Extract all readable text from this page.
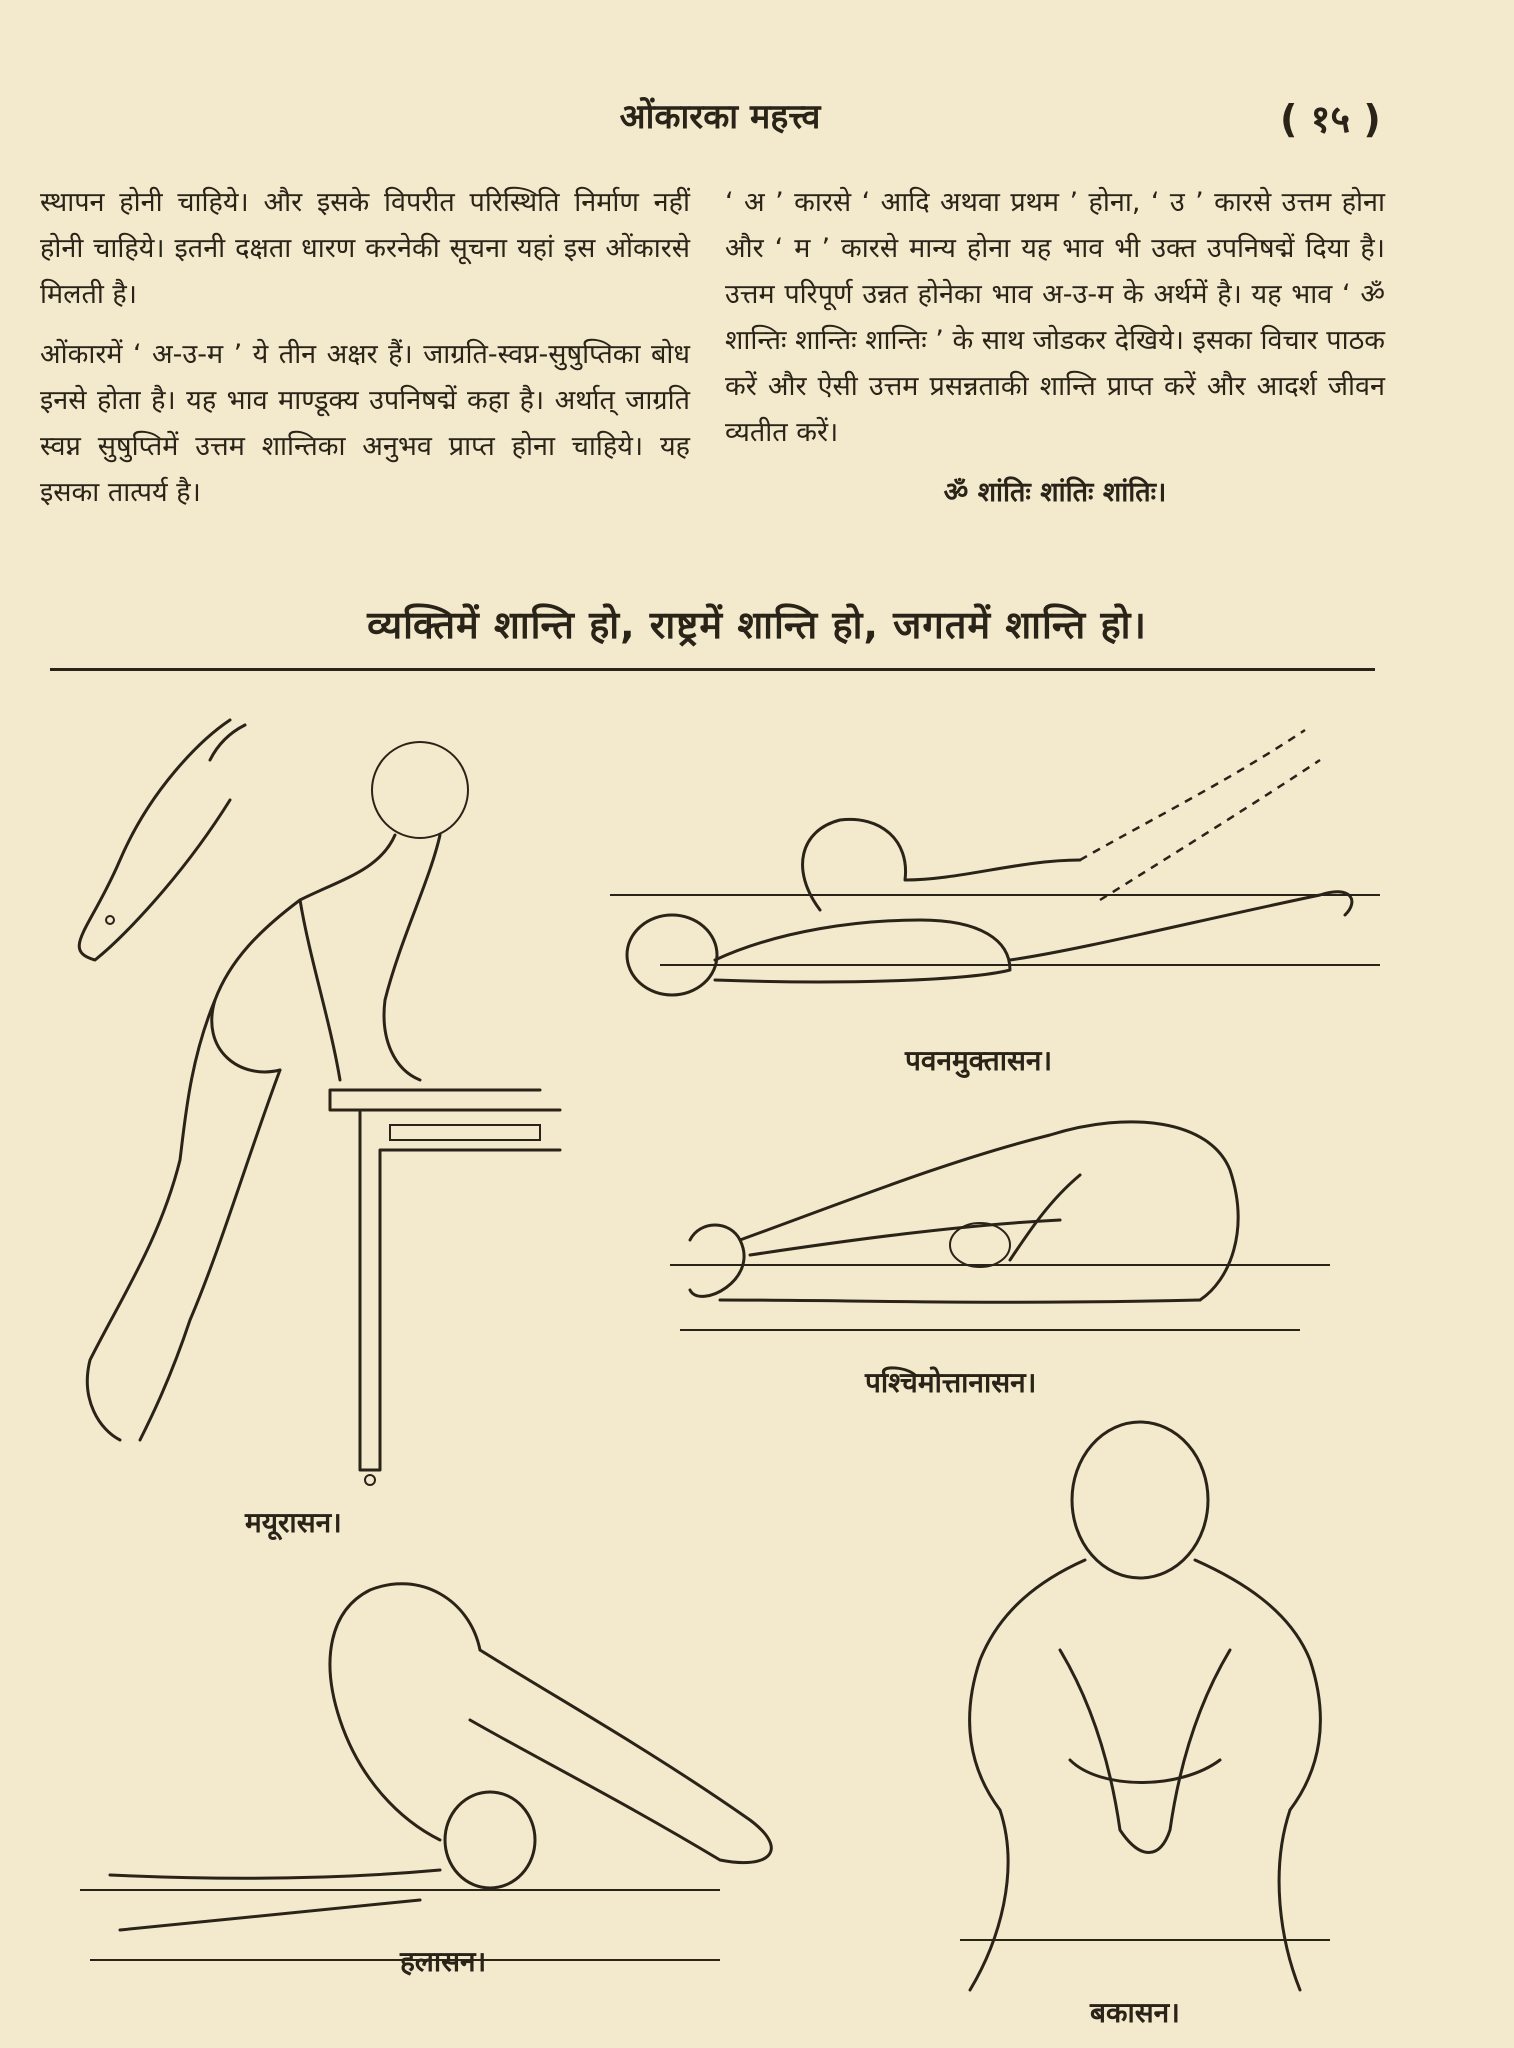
ओंकारका महत्त्व	( १५ )

स्थापन होनी चाहिये। और इसके विपरीत परिस्थिति निर्माण नहीं होनी चाहिये। इतनी दक्षता धारण करनेकी सूचना यहां इस ओंकारसे मिलती है।

ओंकारमें ‘ अ-उ-म ’ ये तीन अक्षर हैं। जाग्रति-स्वप्न-सुषुप्तिका बोध इनसे होता है। यह भाव माण्डूक्य उपनिषद्में कहा है। अर्थात् जाग्रति स्वप्न सुषुप्तिमें उत्तम शान्तिका अनुभव प्राप्त होना चाहिये। यह इसका तात्पर्य है।

‘ अ ’ कारसे ‘ आदि अथवा प्रथम ’ होना, ‘ उ ’ कारसे उत्तम होना और ‘ म ’ कारसे मान्य होना यह भाव भी उक्त उपनिषद्में दिया है। उत्तम परिपूर्ण उन्नत होनेका भाव अ-उ-म के अर्थमें है। यह भाव ‘ ॐ शान्तिः शान्तिः शान्तिः ’ के साथ जोडकर देखिये। इसका विचार पाठक करें और ऐसी उत्तम प्रसन्नताकी शान्ति प्राप्त करें और आदर्श जीवन व्यतीत करें।

ॐ शांतिः शांतिः शांतिः।
व्यक्तिमें शान्ति हो, राष्ट्रमें शान्ति हो, जगतमें शान्ति हो।
मयूरासन।
पवनमुक्तासन।
पश्चिमोत्तानासन।
हलासन।
बकासन।
